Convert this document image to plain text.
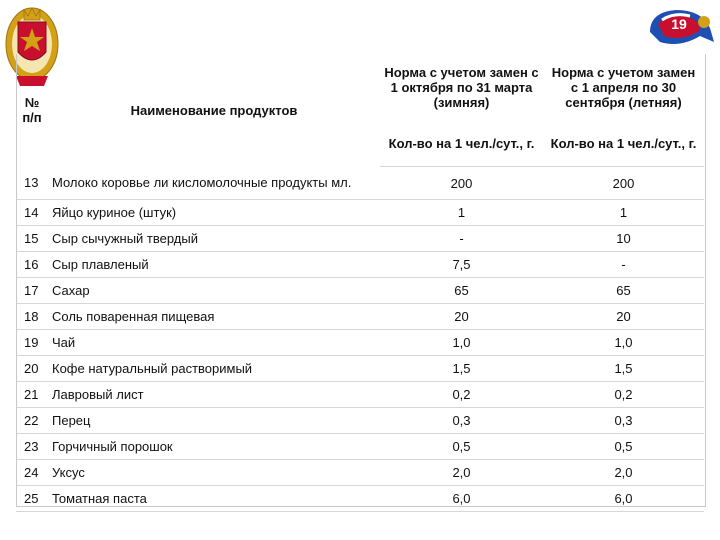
19
№ п/п	Наименование продуктов	Норма с учетом замен с 1 октября по 31 марта (зимняя)	Норма с учетом замен с 1 апреля по 30 сентября (летняя)
		Кол-во на 1 чел./сут., г.	Кол-во на 1 чел./сут., г.
13	Молоко коровье ли кисломолочные продукты мл.	200	200
14	Яйцо куриное (штук)	1	1
15	Сыр сычужный твердый	-	10
16	Сыр плавленый	7,5	-
17	Сахар	65	65
18	Соль поваренная пищевая	20	20
19	Чай	1,0	1,0
20	Кофе натуральный растворимый	1,5	1,5
21	Лавровый лист	0,2	0,2
22	Перец	0,3	0,3
23	Горчичный порошок	0,5	0,5
24	Уксус	2,0	2,0
25	Томатная паста	6,0	6,0
